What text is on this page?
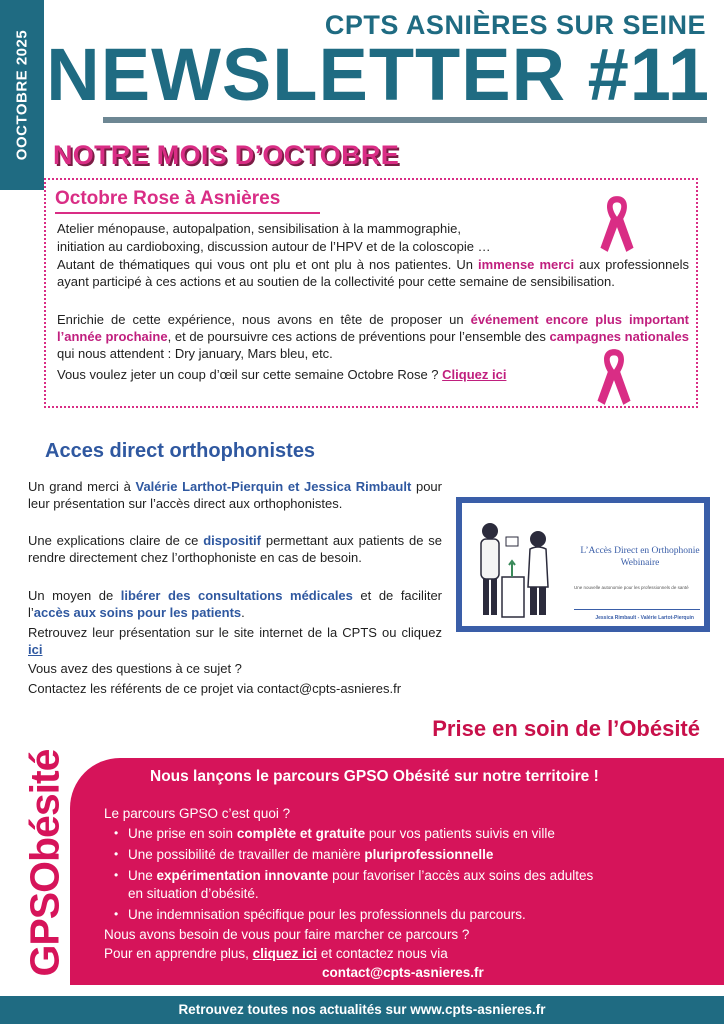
OOCTOBRE 2025
CPTS ASNIÈRES SUR SEINE
NEWSLETTER #11
NOTRE MOIS D’OCTOBRE
Octobre Rose à Asnières
Atelier ménopause, autopalpation, sensibilisation à la mammographie,
initiation au cardioboxing, discussion autour de l’HPV et de la coloscopie …
Autant de thématiques qui vous ont plu et ont plu à nos patientes. Un immense merci aux professionnels ayant participé à ces actions et au soutien de la collectivité pour cette semaine de sensibilisation.
Enrichie de cette expérience, nous avons en tête de proposer un événement encore plus important l’année prochaine, et de poursuivre ces actions de préventions pour l’ensemble des campagnes nationales qui nous attendent : Dry january, Mars bleu, etc.
Vous voulez jeter un coup d’œil sur cette semaine Octobre Rose ? Cliquez ici
Acces direct orthophonistes
Un grand merci à Valérie Larthot-Pierquin et Jessica Rimbault pour leur présentation sur l’accès direct aux orthophonistes.
Une explications claire de ce dispositif permettant aux patients de se rendre directement chez l’orthophoniste en cas de besoin.
Un moyen de libérer des consultations médicales et de faciliter l’accès aux soins pour les patients.
Retrouvez leur présentation sur le site internet de la CPTS ou cliquez ici
Vous avez des questions à ce sujet ?
Contactez les référents de ce projet via contact@cpts-asnieres.fr
L’Accès Direct en Orthophonie Webinaire
Une nouvelle autonomie pour les professionnels de santé
Jessica Rimbault - Valérie Lartot-Pierquin
Prise en soin de l’Obésité
GPSObésité	Nous lançons le parcours GPSO Obésité sur notre territoire !
Le parcours GPSO c’est quoi ?
• Une prise en soin complète et gratuite pour vos patients suivis en ville
• Une possibilité de travailler de manière pluriprofessionnelle
• Une expérimentation innovante pour favoriser l’accès aux soins des adultes
en situation d’obésité.
• Une indemnisation spécifique pour les professionnels du parcours.
Nous avons besoin de vous pour faire marcher ce parcours ?
Pour en apprendre plus, cliquez ici et contactez nous via
contact@cpts-asnieres.fr
Retrouvez toutes nos actualités sur www.cpts-asnieres.fr
